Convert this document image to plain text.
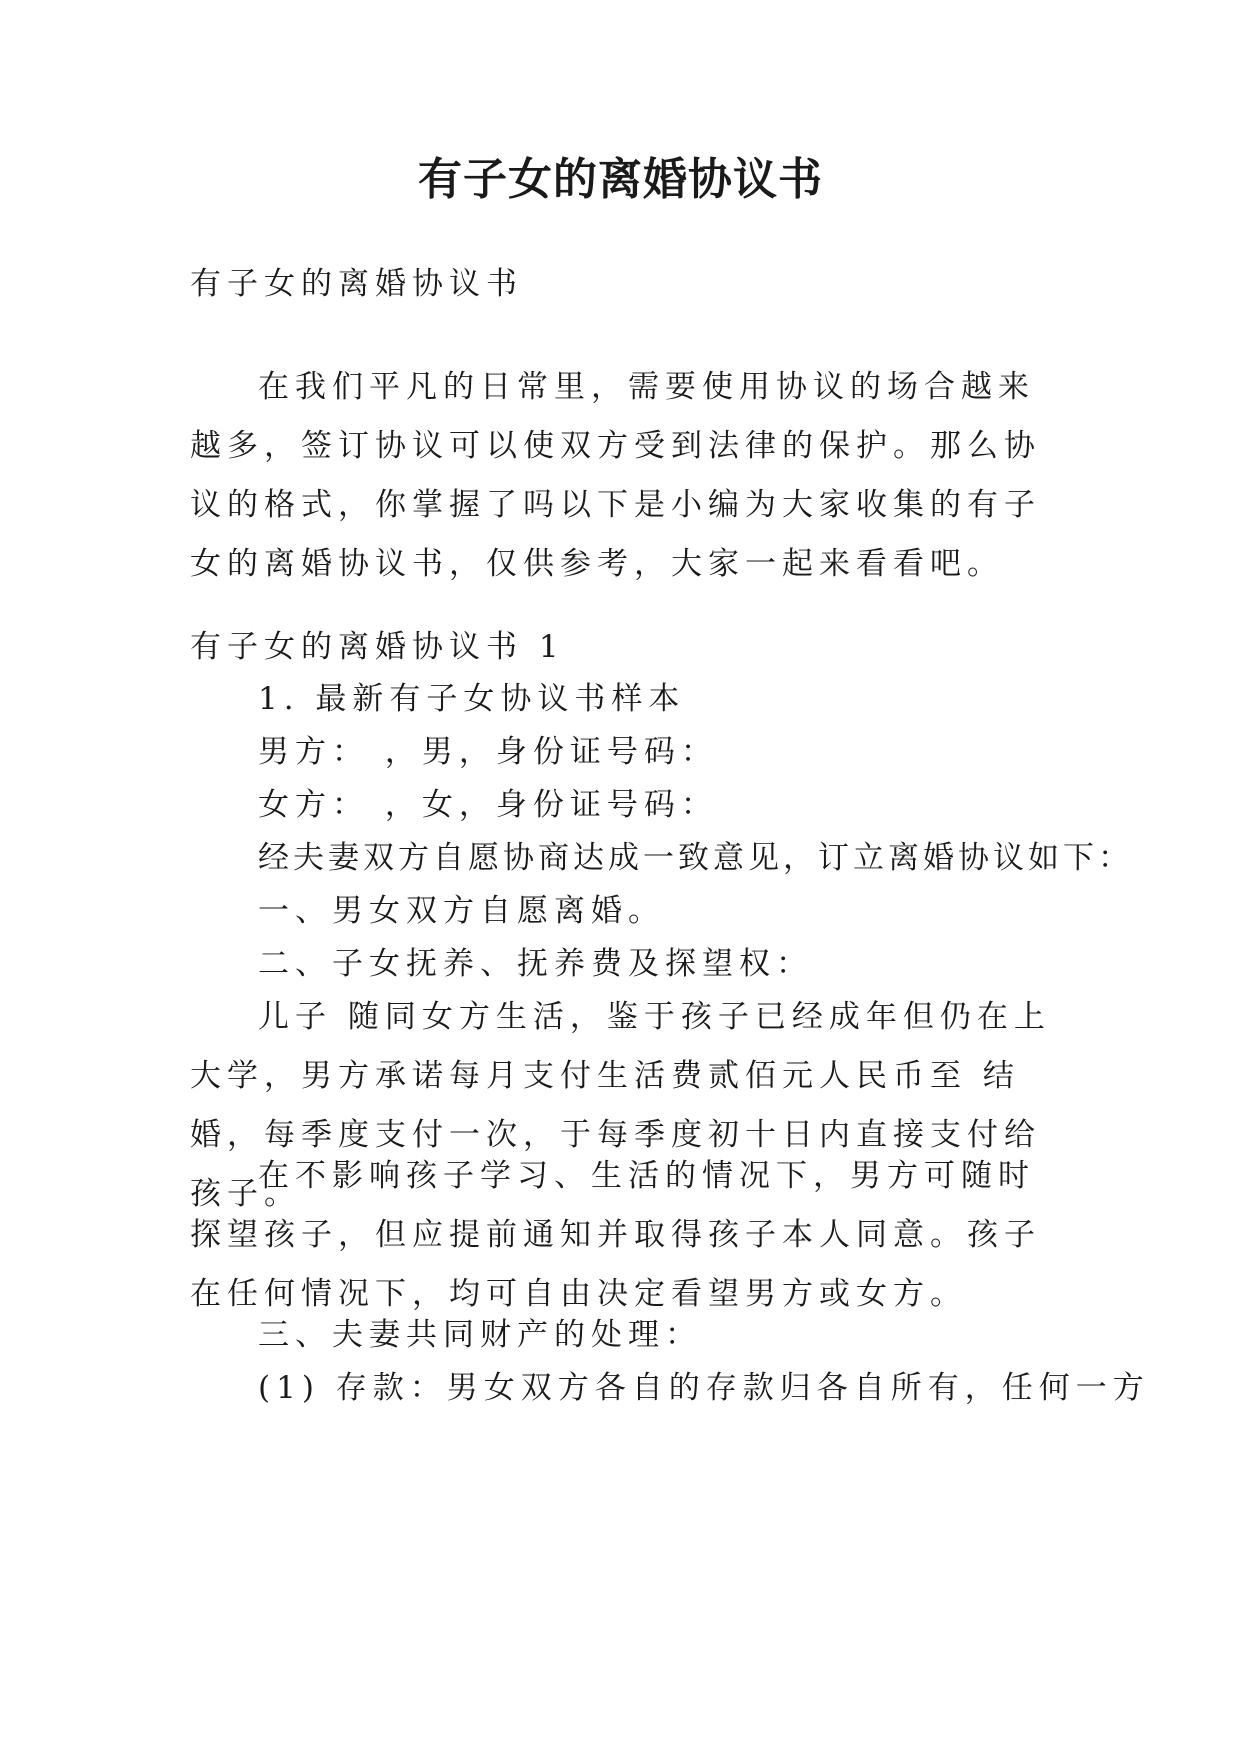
有子女的离婚协议书

有子女的离婚协议书

在我们平凡的日常里，需要使用协议的场合越来越多，签订协议可以使双方受到法律的保护。那么协议的格式，你掌握了吗以下是小编为大家收集的有子女的离婚协议书，仅供参考，大家一起来看看吧。

有子女的离婚协议书 1

1. 最新有子女协议书样本

男方： ，男，身份证号码：

女方： ，女，身份证号码：

经夫妻双方自愿协商达成一致意见，订立离婚协议如下：

一、男女双方自愿离婚。

二、子女抚养、抚养费及探望权：

儿子 随同女方生活，鉴于孩子已经成年但仍在上大学，男方承诺每月支付生活费贰佰元人民币至 结婚，每季度支付一次，于每季度初十日内直接支付给孩子。

在不影响孩子学习、生活的情况下，男方可随时探望孩子，但应提前通知并取得孩子本人同意。孩子在任何情况下，均可自由决定看望男方或女方。

三、夫妻共同财产的处理：

(1) 存款：男女双方各自的存款归各自所有，任何一方
